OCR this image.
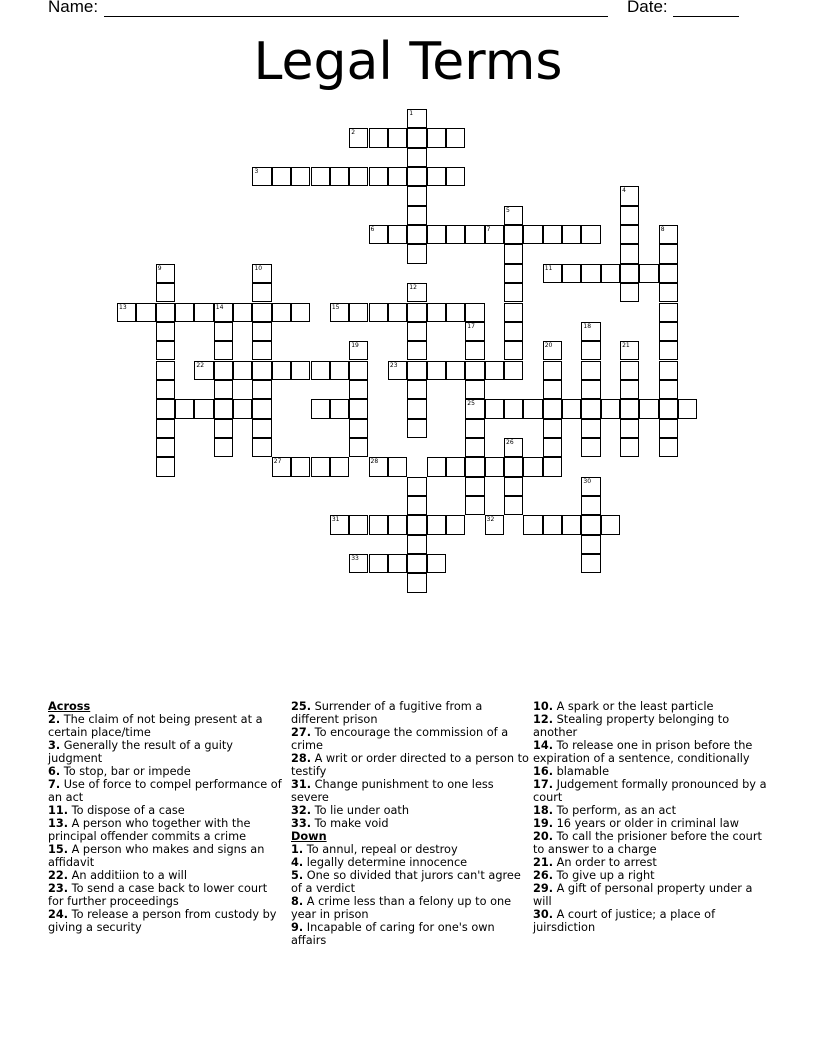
Name:	Date:
Legal Terms
1
2
3
4
5
6	7	8
9	10	11
12
13	14	15
17
25
18
19	20	21
22	23
26
27	28
30
31	32
33
Across
2. The claim of not being present at a certain place/time
3. Generally the result of a guity judgment
6. To stop, bar or impede
7. Use of force to compel performance of an act
11. To dispose of a case
13. A person who together with the principal offender commits a crime
15. A person who makes and signs an affidavit
22. An additiion to a will
23. To send a case back to lower court for further proceedings
24. To release a person from custody by giving a security
25. Surrender of a fugitive from a different prison
27. To encourage the commission of a crime
28. A writ or order directed to a person to testify
31. Change punishment to one less severe
32. To lie under oath
33. To make void
Down
1. To annul, repeal or destroy
4. legally determine innocence
5. One so divided that jurors can't agree of a verdict
8. A crime less than a felony up to one year in prison
9. Incapable of caring for one's own affairs
10. A spark or the least particle
12. Stealing property belonging to another
14. To release one in prison before the expiration of a sentence, conditionally
16. blamable
17. Judgement formally pronounced by a court
18. To perform, as an act
19. 16 years or older in criminal law
20. To call the prisioner before the court to answer to a charge
21. An order to arrest
26. To give up a right
29. A gift of personal property under a will
30. A court of justice; a place of juirsdiction
